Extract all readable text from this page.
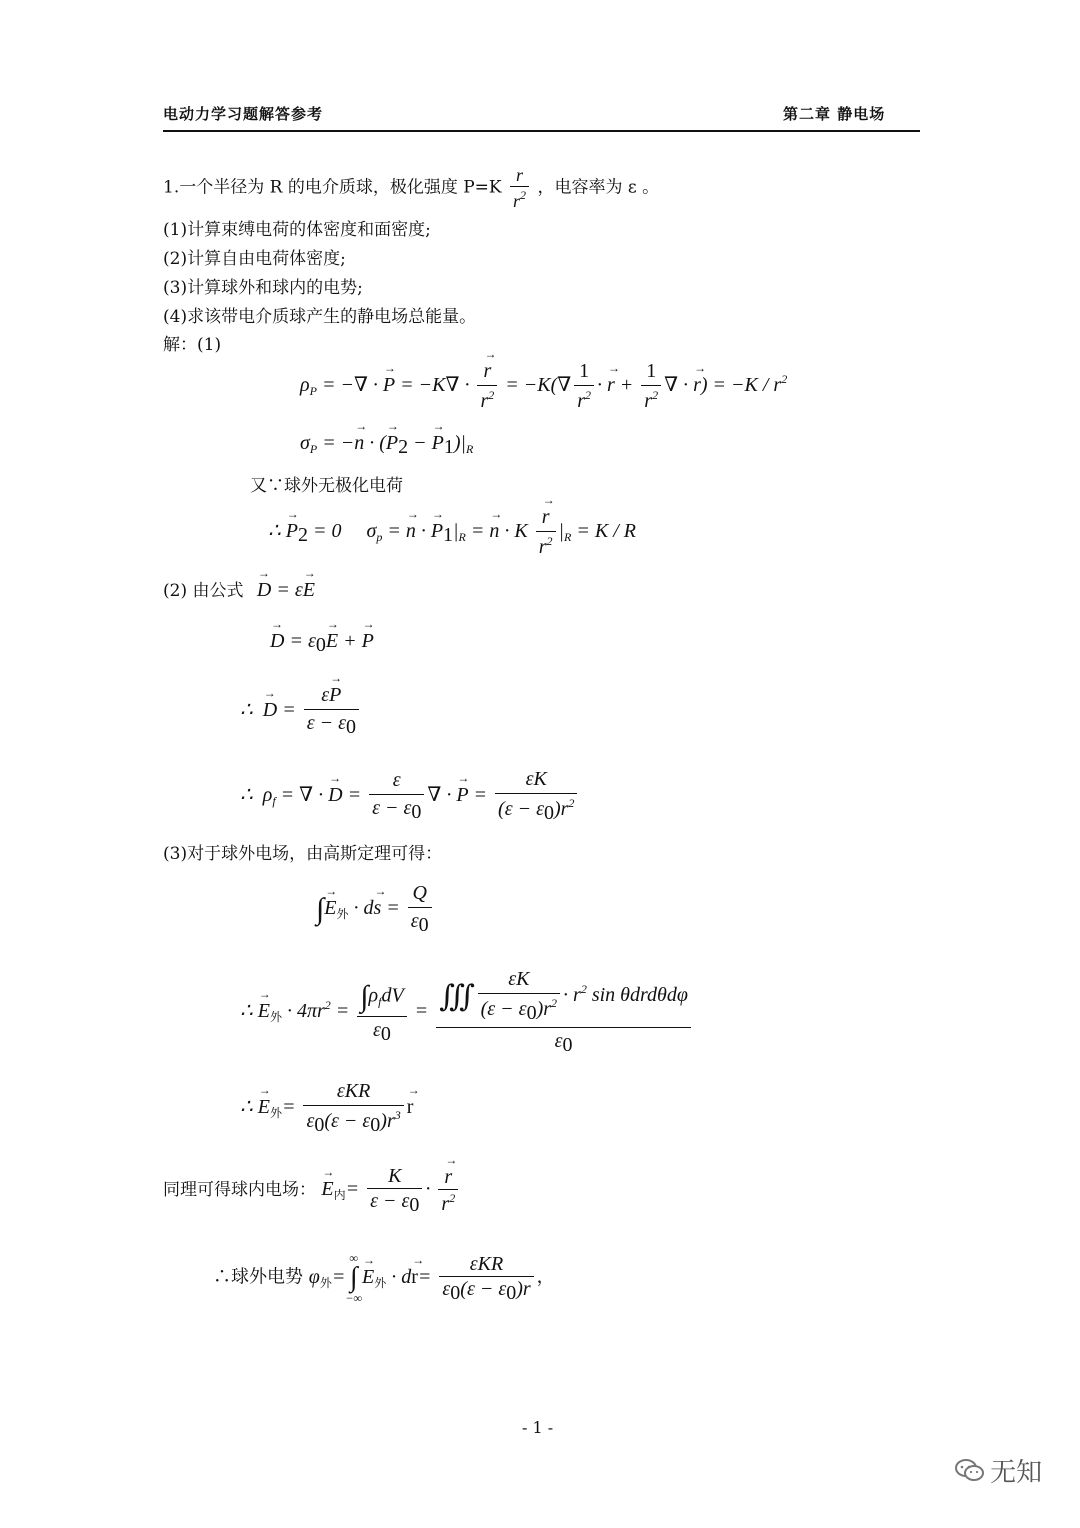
电动力学习题解答参考	第二章 静电场
1.一个半径为 R 的电介质球，极化强度 $P=K \frac{r}{r^2}$ ，电容率为 ε 。
(1)计算束缚电荷的体密度和面密度;
(2)计算自由电荷体密度;
(3)计算球外和球内的电势;
(4)求该带电介质球产生的静电场总能量。
解：(1)
$\rho_P$ = −∇ · → P = −K∇ ·
→ $\frac{r}{r^2} = -K(\nabla \frac{1}{r^2}$ · → $r + \frac{1}{r^2}$ ∇ · → $r) = -K / r^2$
$\sigma_P$ = −→ n · (→ $P_2$ − → $P_1)|_R$
又∵球外无极化电荷
∴ → $P_2 = 0$     $\sigma_p$ = → n · → $P_1|_R$ = → n · K
→ $\frac{r}{r^2} |_R = K / R$
(2) 由公式 → D = ε→ E
→ $D = \varepsilon_0\to E$ + → P
∴  → $D = \frac{\varepsilon\to P}{\varepsilon - \varepsilon_0}$
∴  $\rho_f$ = ∇ · → $D = \frac{\varepsilon}{\varepsilon - \varepsilon_0}$ ∇ · → $P = \frac{\varepsilon K}{(\varepsilon - \varepsilon_0)r^2}$
(3)对于球外电场，由高斯定理可得：
∫→ $E_外 \cdot d\to s = \frac{Q}{\varepsilon_0}$
∴ → $E_外 \cdot 4\pi r^2 = \frac{\int\rho_fdV}{\varepsilon_0} = \frac{∭ \frac{\varepsilon K}{(\varepsilon - \varepsilon_0)r^2} \cdot r^2 \sin \theta drd\theta d\varphi}{\varepsilon_0}$
∴ → $E_外= \frac{\text{εKR}}{\varepsilon_0(\varepsilon - \varepsilon_0)r^3}$
→ r
同理可得球内电场： → $E_内= \frac{K}{\varepsilon - \varepsilon_0}$ ·
→ $\frac{r}{r^2}$
∴球外电势 $\varphi_外=\infty$
∫
−∞→ $E_外 \cdot d\to r= \frac{\text{εKR}}{\varepsilon_0(\varepsilon - \varepsilon_0)r}$ ，
- 1 -
无知
